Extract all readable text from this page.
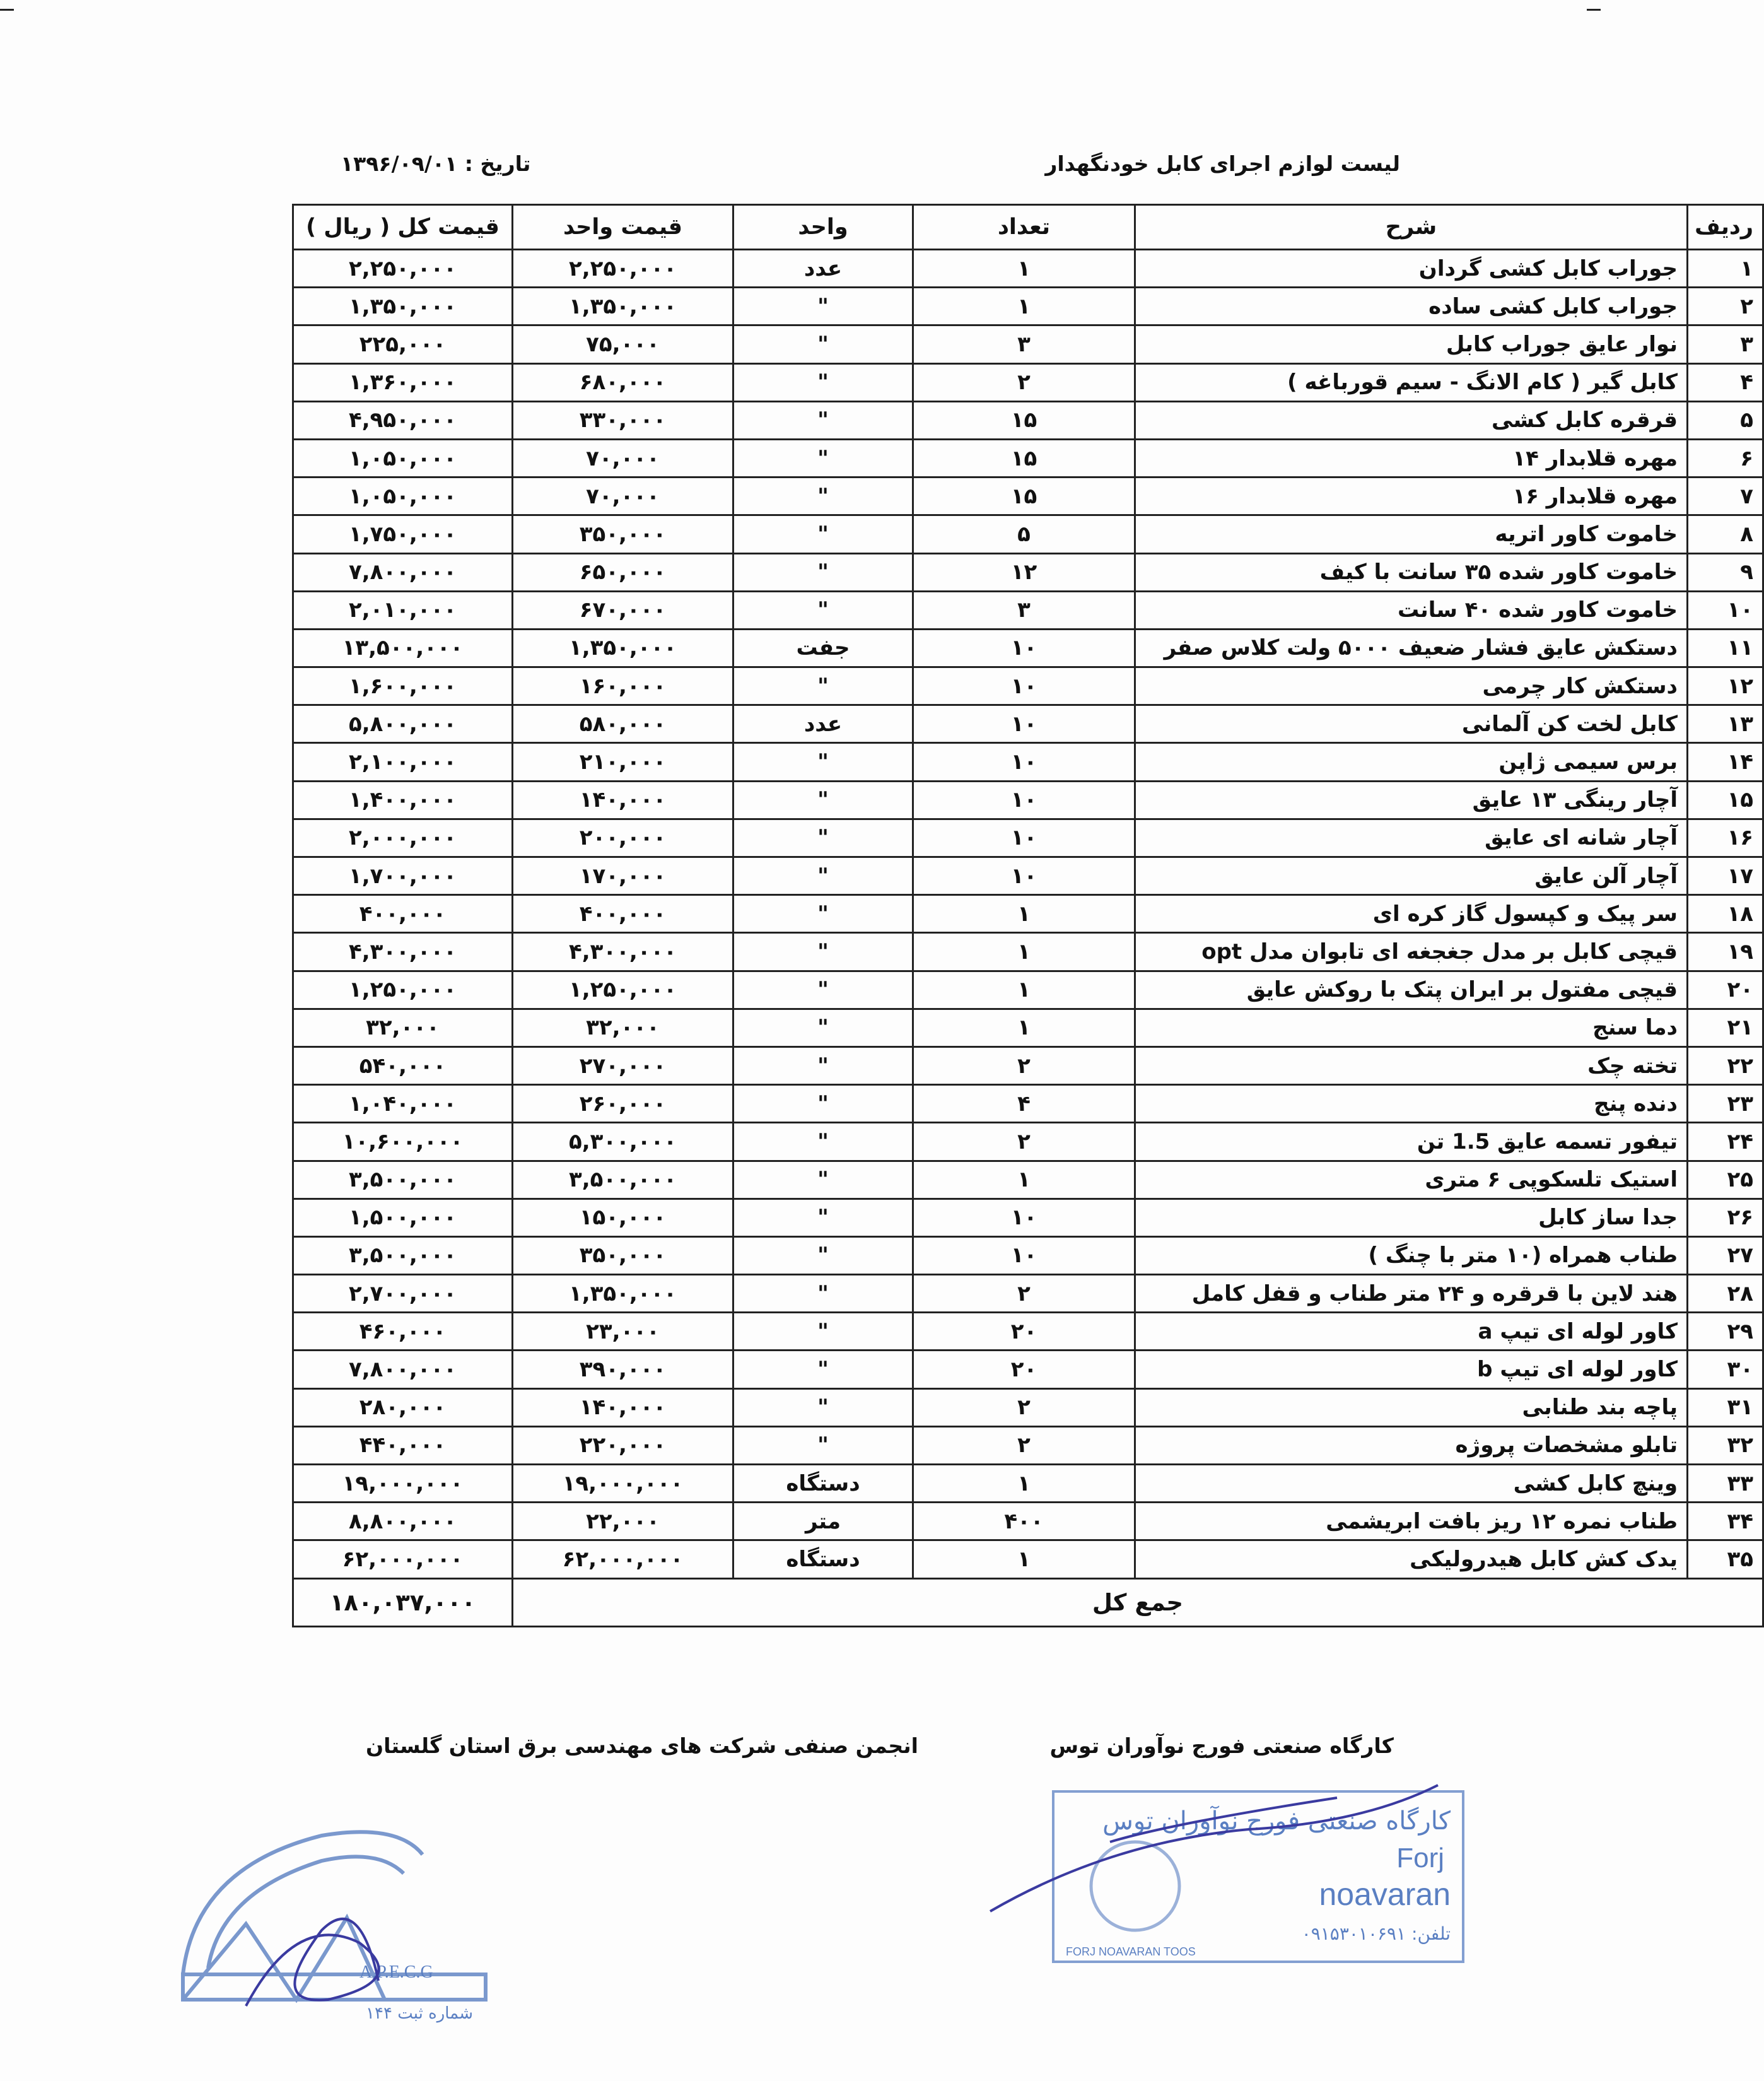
لیست لوازم اجرای کابل خودنگهدار
تاریخ : ۱۳۹۶/۰۹/۰۱
ردیف	شرح	تعداد	واحد	قیمت واحد	قیمت کل ( ریال )
۱	جوراب کابل کشی گردان	۱	عدد	۲,۲۵۰,۰۰۰	۲,۲۵۰,۰۰۰
۲	جوراب کابل کشی ساده	۱	"	۱,۳۵۰,۰۰۰	۱,۳۵۰,۰۰۰
۳	نوار عایق جوراب کابل	۳	"	۷۵,۰۰۰	۲۲۵,۰۰۰
۴	کابل گیر ( کام الانگ - سیم قورباغه )	۲	"	۶۸۰,۰۰۰	۱,۳۶۰,۰۰۰
۵	قرقره کابل کشی	۱۵	"	۳۳۰,۰۰۰	۴,۹۵۰,۰۰۰
۶	مهره قلابدار ۱۴	۱۵	"	۷۰,۰۰۰	۱,۰۵۰,۰۰۰
۷	مهره قلابدار ۱۶	۱۵	"	۷۰,۰۰۰	۱,۰۵۰,۰۰۰
۸	خاموت کاور اتریه	۵	"	۳۵۰,۰۰۰	۱,۷۵۰,۰۰۰
۹	خاموت کاور شده ۳۵ سانت با کیف	۱۲	"	۶۵۰,۰۰۰	۷,۸۰۰,۰۰۰
۱۰	خاموت کاور شده ۴۰ سانت	۳	"	۶۷۰,۰۰۰	۲,۰۱۰,۰۰۰
۱۱	دستکش عایق فشار ضعیف ۵۰۰۰ ولت کلاس صفر	۱۰	جفت	۱,۳۵۰,۰۰۰	۱۳,۵۰۰,۰۰۰
۱۲	دستکش کار چرمی	۱۰	"	۱۶۰,۰۰۰	۱,۶۰۰,۰۰۰
۱۳	کابل لخت کن آلمانی	۱۰	عدد	۵۸۰,۰۰۰	۵,۸۰۰,۰۰۰
۱۴	برس سیمی ژاپن	۱۰	"	۲۱۰,۰۰۰	۲,۱۰۰,۰۰۰
۱۵	آچار رینگی ۱۳ عایق	۱۰	"	۱۴۰,۰۰۰	۱,۴۰۰,۰۰۰
۱۶	آچار شانه ای عایق	۱۰	"	۲۰۰,۰۰۰	۲,۰۰۰,۰۰۰
۱۷	آچار آلن عایق	۱۰	"	۱۷۰,۰۰۰	۱,۷۰۰,۰۰۰
۱۸	سر پیک و کپسول گاز کره ای	۱	"	۴۰۰,۰۰۰	۴۰۰,۰۰۰
۱۹	قیچی کابل بر مدل جغجغه ای تابوان مدل opt	۱	"	۴,۳۰۰,۰۰۰	۴,۳۰۰,۰۰۰
۲۰	قیچی مفتول بر ایران پتک با روکش عایق	۱	"	۱,۲۵۰,۰۰۰	۱,۲۵۰,۰۰۰
۲۱	دما سنج	۱	"	۳۲,۰۰۰	۳۲,۰۰۰
۲۲	تخته چک	۲	"	۲۷۰,۰۰۰	۵۴۰,۰۰۰
۲۳	دنده پنج	۴	"	۲۶۰,۰۰۰	۱,۰۴۰,۰۰۰
۲۴	تیفور تسمه عایق 1.5 تن	۲	"	۵,۳۰۰,۰۰۰	۱۰,۶۰۰,۰۰۰
۲۵	استیک تلسکوپی ۶ متری	۱	"	۳,۵۰۰,۰۰۰	۳,۵۰۰,۰۰۰
۲۶	جدا ساز کابل	۱۰	"	۱۵۰,۰۰۰	۱,۵۰۰,۰۰۰
۲۷	طناب همراه (۱۰ متر با چنگ )	۱۰	"	۳۵۰,۰۰۰	۳,۵۰۰,۰۰۰
۲۸	هند لاین با قرقره و ۲۴ متر طناب و قفل کامل	۲	"	۱,۳۵۰,۰۰۰	۲,۷۰۰,۰۰۰
۲۹	کاور لوله ای تیپ a	۲۰	"	۲۳,۰۰۰	۴۶۰,۰۰۰
۳۰	کاور لوله ای تیپ b	۲۰	"	۳۹۰,۰۰۰	۷,۸۰۰,۰۰۰
۳۱	پاچه بند طنابی	۲	"	۱۴۰,۰۰۰	۲۸۰,۰۰۰
۳۲	تابلو مشخصات پروژه	۲	"	۲۲۰,۰۰۰	۴۴۰,۰۰۰
۳۳	وینچ کابل کشی	۱	دستگاه	۱۹,۰۰۰,۰۰۰	۱۹,۰۰۰,۰۰۰
۳۴	طناب نمره ۱۲ ریز بافت ابریشمی	۴۰۰	متر	۲۲,۰۰۰	۸,۸۰۰,۰۰۰
۳۵	یدک کش کابل هیدرولیکی	۱	دستگاه	۶۲,۰۰۰,۰۰۰	۶۲,۰۰۰,۰۰۰
جمع کل					۱۸۰,۰۳۷,۰۰۰
کارگاه صنعتی فورج نوآوران توس
انجمن صنفی شرکت های مهندسی برق استان گلستان
A.P.E.C.G
شماره ثبت ۱۴۴
کارگاه صنعتی فورج نوآوران توس
Forj
noavaran
تلفن: ۰۹۱۵۳۰۱۰۶۹۱
FORJ NOAVARAN TOOS
